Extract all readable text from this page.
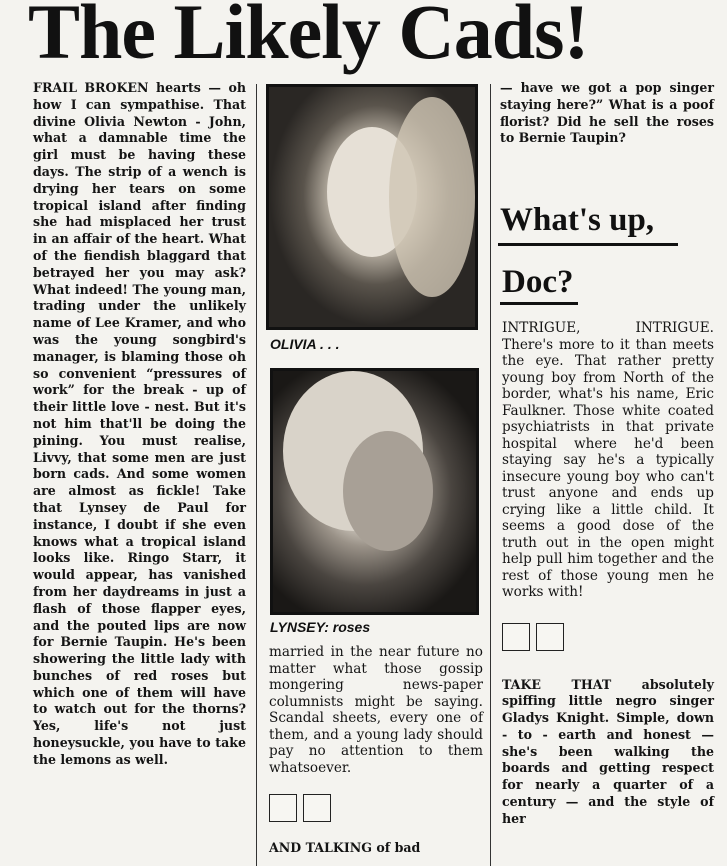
The Likely Cads!

FRAIL BROKEN hearts — oh how I can sympathise. That divine Olivia Newton - John, what a damnable time the girl must be having these days. The strip of a wench is drying her tears on some tropical island after finding she had misplaced her trust in an affair of the heart. What of the fiendish blaggard that betrayed her you may ask? What indeed! The young man, trading under the unlikely name of Lee Kramer, and who was the young songbird's manager, is blaming those oh so convenient “pressures of work” for the break - up of their little love - nest. But it's not him that'll be doing the pining. You must realise, Livvy, that some men are just born cads. And some women are almost as fickle! Take that Lynsey de Paul for instance, I doubt if she even knows what a tropical island looks like. Ringo Starr, it would appear, has vanished from her daydreams in just a flash of those flapper eyes, and the pouted lips are now for Bernie Taupin. He's been showering the little lady with bunches of red roses but which one of them will have to watch out for the thorns? Yes, life's not just honeysuckle, you have to take the lemons as well.

OLIVIA . . .
LYNSEY: roses

married in the near future no matter what those gossip mongering news-paper columnists might be saying. Scandal sheets, every one of them, and a young lady should pay no attention to them whatsoever.

AND TALKING of bad

— have we got a pop singer staying here?” What is a poof florist? Did he sell the roses to Bernie Taupin?

What's up,
Doc?

INTRIGUE, INTRIGUE. There's more to it than meets the eye. That rather pretty young boy from North of the border, what's his name, Eric Faulkner. Those white coated psychiatrists in that private hospital where he'd been staying say he's a typically insecure young boy who can't trust anyone and ends up crying like a little child. It seems a good dose of the truth out in the open might help pull him together and the rest of those young men he works with!

TAKE THAT absolutely spiffing little negro singer Gladys Knight. Simple, down - to - earth and honest — she's been walking the boards and getting respect for nearly a quarter of a century — and the style of her
